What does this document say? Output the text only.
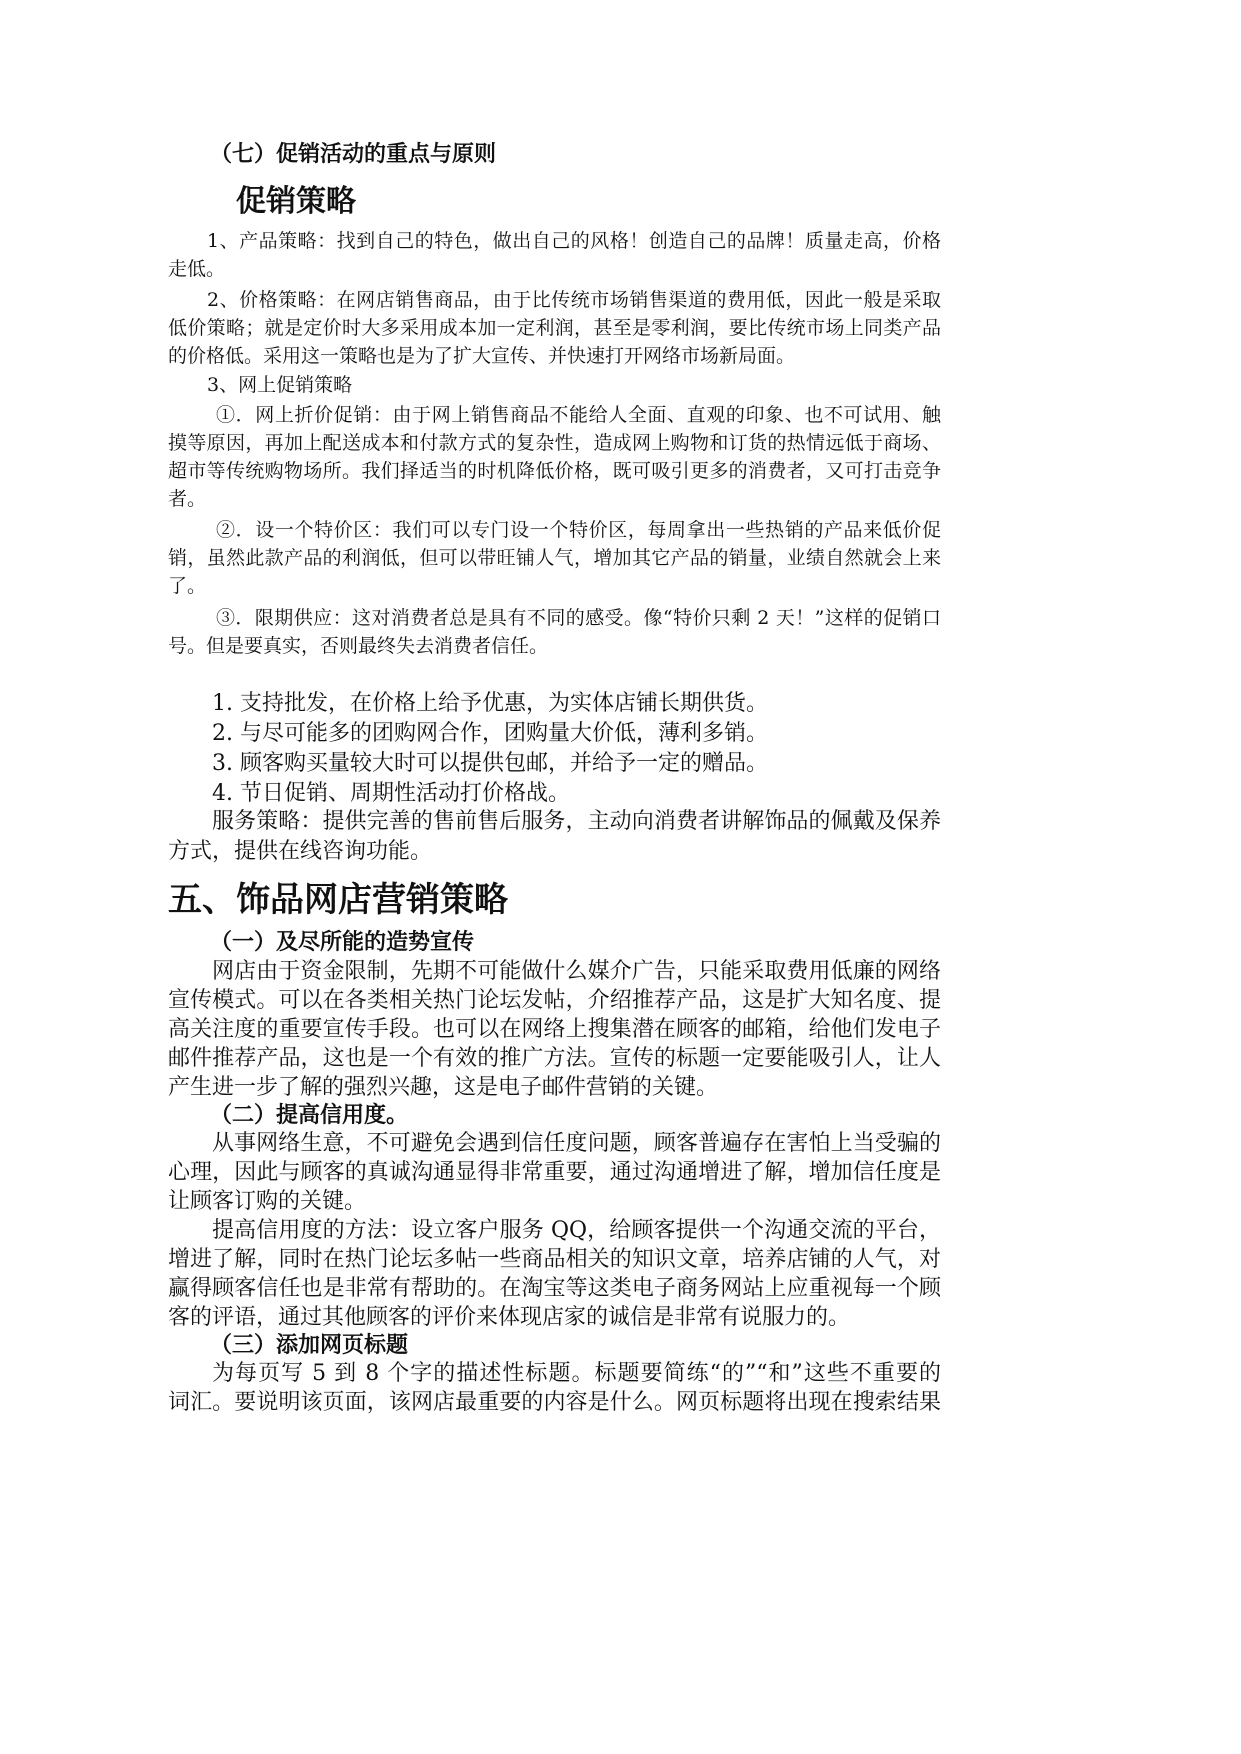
（七）促销活动的重点与原则

促销策略

1、产品策略：找到自己的特色，做出自己的风格！创造自己的品牌！质量走高，价格

走低。

2、价格策略：在网店销售商品，由于比传统市场销售渠道的费用低，因此一般是采取

低价策略；就是定价时大多采用成本加一定利润，甚至是零利润，要比传统市场上同类产品

的价格低。采用这一策略也是为了扩大宣传、并快速打开网络市场新局面。

3、网上促销策略

①．网上折价促销：由于网上销售商品不能给人全面、直观的印象、也不可试用、触

摸等原因，再加上配送成本和付款方式的复杂性，造成网上购物和订货的热情远低于商场、

超市等传统购物场所。我们择适当的时机降低价格，既可吸引更多的消费者，又可打击竞争

者。

②．设一个特价区：我们可以专门设一个特价区，每周拿出一些热销的产品来低价促

销，虽然此款产品的利润低，但可以带旺铺人气，增加其它产品的销量，业绩自然就会上来

了。

③．限期供应：这对消费者总是具有不同的感受。像“特价只剩 2 天！”这样的促销口

号。但是要真实，否则最终失去消费者信任。

1. 支持批发，在价格上给予优惠，为实体店铺长期供货。

2. 与尽可能多的团购网合作，团购量大价低，薄利多销。

3. 顾客购买量较大时可以提供包邮，并给予一定的赠品。

4. 节日促销、周期性活动打价格战。

服务策略：提供完善的售前售后服务，主动向消费者讲解饰品的佩戴及保养

方式，提供在线咨询功能。

五、饰品网店营销策略

（一）及尽所能的造势宣传

网店由于资金限制，先期不可能做什么媒介广告，只能采取费用低廉的网络

宣传模式。可以在各类相关热门论坛发帖，介绍推荐产品，这是扩大知名度、提

高关注度的重要宣传手段。也可以在网络上搜集潜在顾客的邮箱，给他们发电子

邮件推荐产品，这也是一个有效的推广方法。宣传的标题一定要能吸引人，让人

产生进一步了解的强烈兴趣，这是电子邮件营销的关键。

（二）提高信用度。

从事网络生意，不可避免会遇到信任度问题，顾客普遍存在害怕上当受骗的

心理，因此与顾客的真诚沟通显得非常重要，通过沟通增进了解，增加信任度是

让顾客订购的关键。

提高信用度的方法：设立客户服务 QQ，给顾客提供一个沟通交流的平台，

增进了解，同时在热门论坛多帖一些商品相关的知识文章，培养店铺的人气，对

赢得顾客信任也是非常有帮助的。在淘宝等这类电子商务网站上应重视每一个顾

客的评语，通过其他顾客的评价来体现店家的诚信是非常有说服力的。

（三）添加网页标题

为每页写 5 到 8 个字的描述性标题。标题要简练“的”“和”这些不重要的

词汇。要说明该页面，该网店最重要的内容是什么。网页标题将出现在搜索结果
